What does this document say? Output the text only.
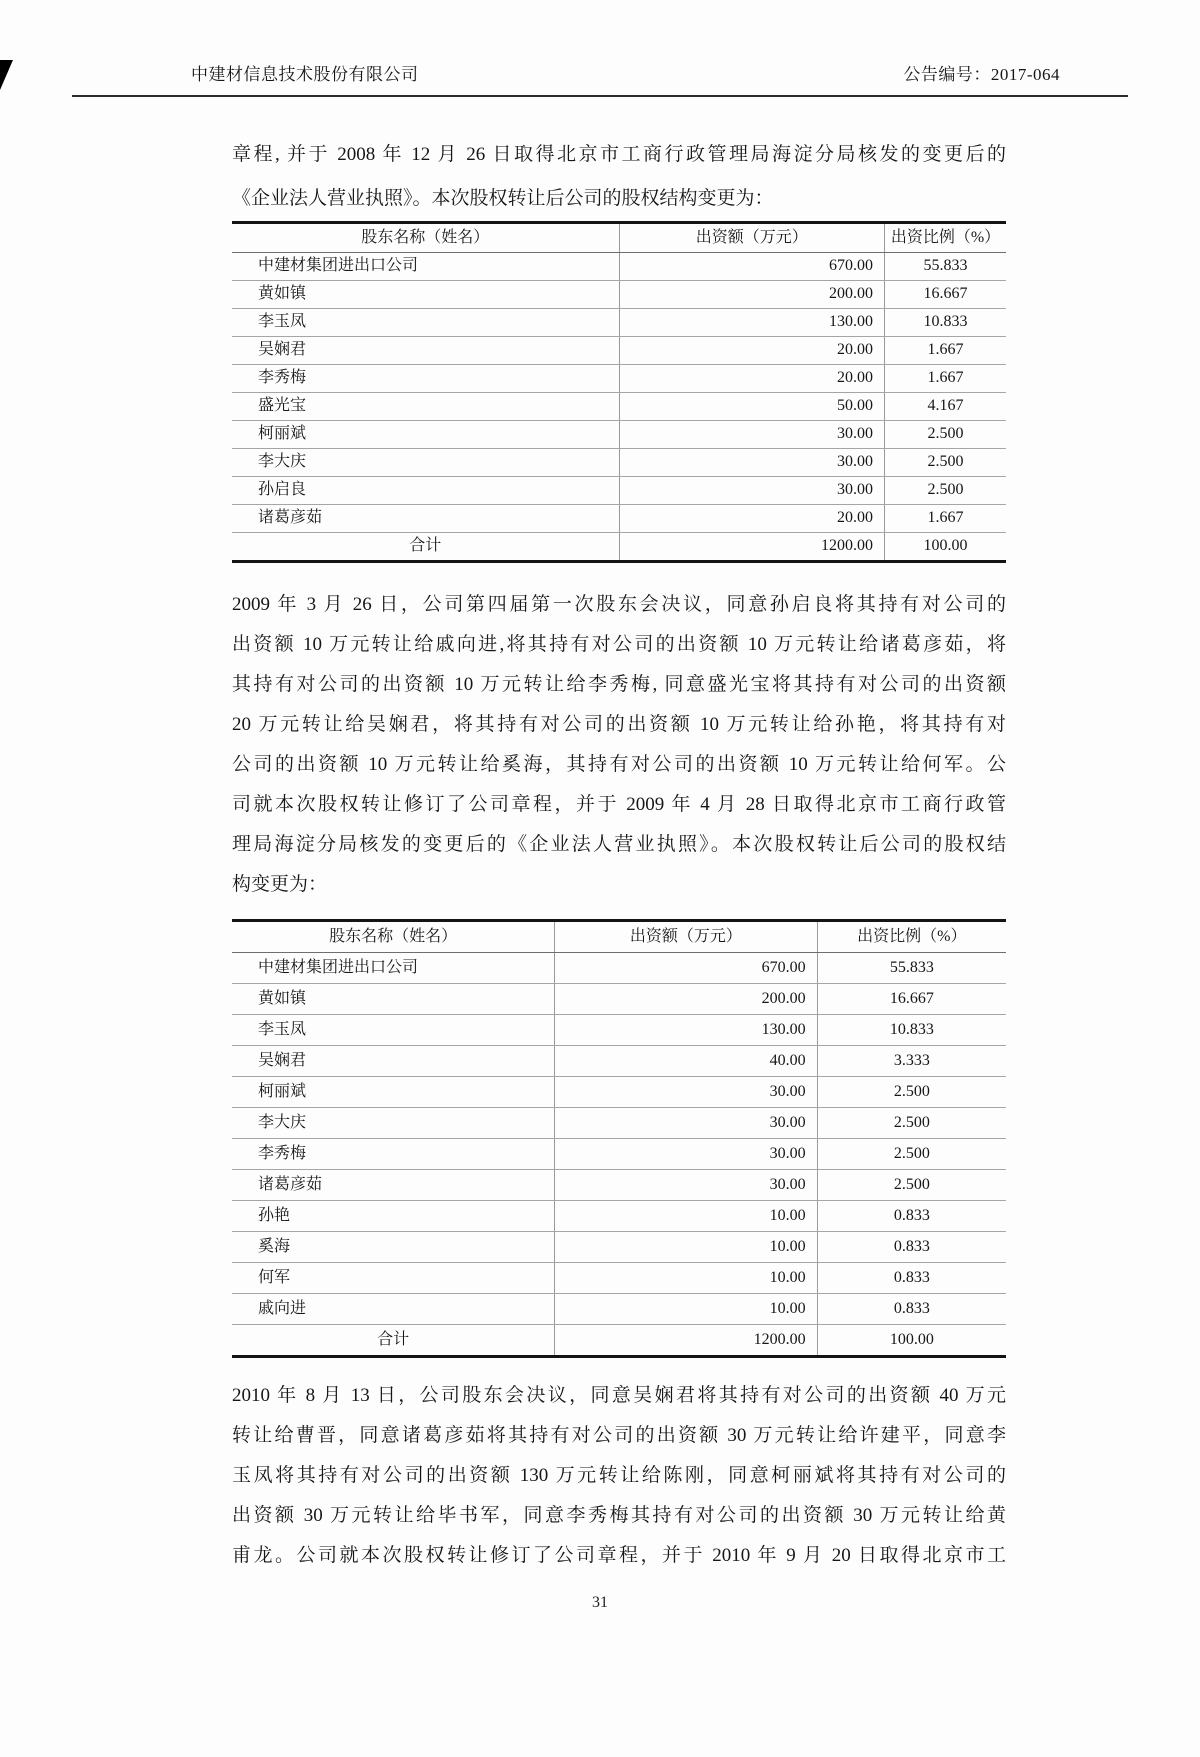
中建材信息技术股份有限公司	公告编号：2017-064
章程, 并于 2008 年 12 月 26 日取得北京市工商行政管理局海淀分局核发的变更后的
《企业法人营业执照》。本次股权转让后公司的股权结构变更为：
股东名称（姓名）	出资额（万元）	出资比例（%）
中建材集团进出口公司	670.00	55.833
黄如镇	200.00	16.667
李玉凤	130.00	10.833
吴娴君	20.00	1.667
李秀梅	20.00	1.667
盛光宝	50.00	4.167
柯丽斌	30.00	2.500
李大庆	30.00	2.500
孙启良	30.00	2.500
诸葛彦茹	20.00	1.667
合计	1200.00	100.00
2009 年 3 月 26 日，公司第四届第一次股东会决议，同意孙启良将其持有对公司的
出资额 10 万元转让给戚向进,将其持有对公司的出资额 10 万元转让给诸葛彦茹，将
其持有对公司的出资额 10 万元转让给李秀梅, 同意盛光宝将其持有对公司的出资额
20 万元转让给吴娴君，将其持有对公司的出资额 10 万元转让给孙艳，将其持有对
公司的出资额 10 万元转让给奚海，其持有对公司的出资额 10 万元转让给何军。公
司就本次股权转让修订了公司章程，并于 2009 年 4 月 28 日取得北京市工商行政管
理局海淀分局核发的变更后的《企业法人营业执照》。本次股权转让后公司的股权结
构变更为：
股东名称（姓名）	出资额（万元）	出资比例（%）
中建材集团进出口公司	670.00	55.833
黄如镇	200.00	16.667
李玉凤	130.00	10.833
吴娴君	40.00	3.333
柯丽斌	30.00	2.500
李大庆	30.00	2.500
李秀梅	30.00	2.500
诸葛彦茹	30.00	2.500
孙艳	10.00	0.833
奚海	10.00	0.833
何军	10.00	0.833
戚向进	10.00	0.833
合计	1200.00	100.00
2010 年 8 月 13 日，公司股东会决议，同意吴娴君将其持有对公司的出资额 40 万元
转让给曹晋，同意诸葛彦茹将其持有对公司的出资额 30 万元转让给许建平，同意李
玉凤将其持有对公司的出资额 130 万元转让给陈刚，同意柯丽斌将其持有对公司的
出资额 30 万元转让给毕书军，同意李秀梅其持有对公司的出资额 30 万元转让给黄
甫龙。公司就本次股权转让修订了公司章程，并于 2010 年 9 月 20 日取得北京市工
31
